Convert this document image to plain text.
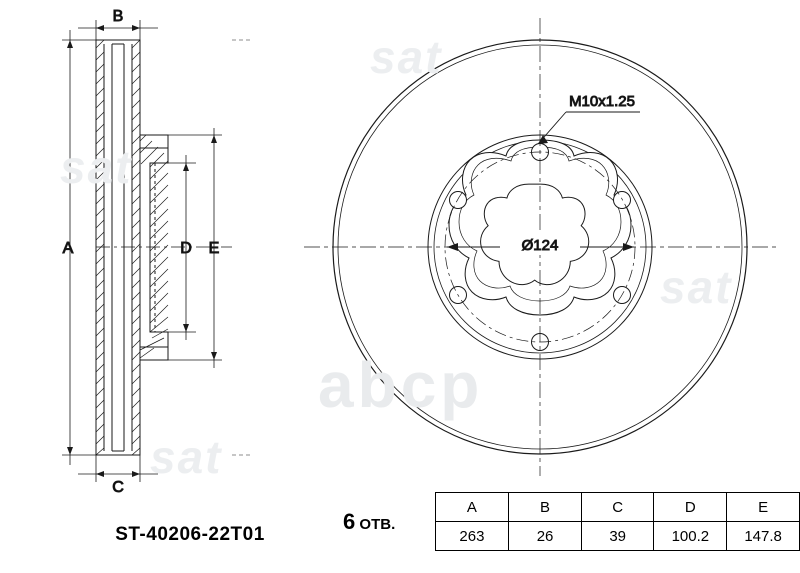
B
C
A	D E	Ø124
M10x1.25
sat
sat
sat
sat
abcp
ST-40206-22T01
6 ОТВ.	A	B	C	D	E
	263	26	39	100.2	147.8
